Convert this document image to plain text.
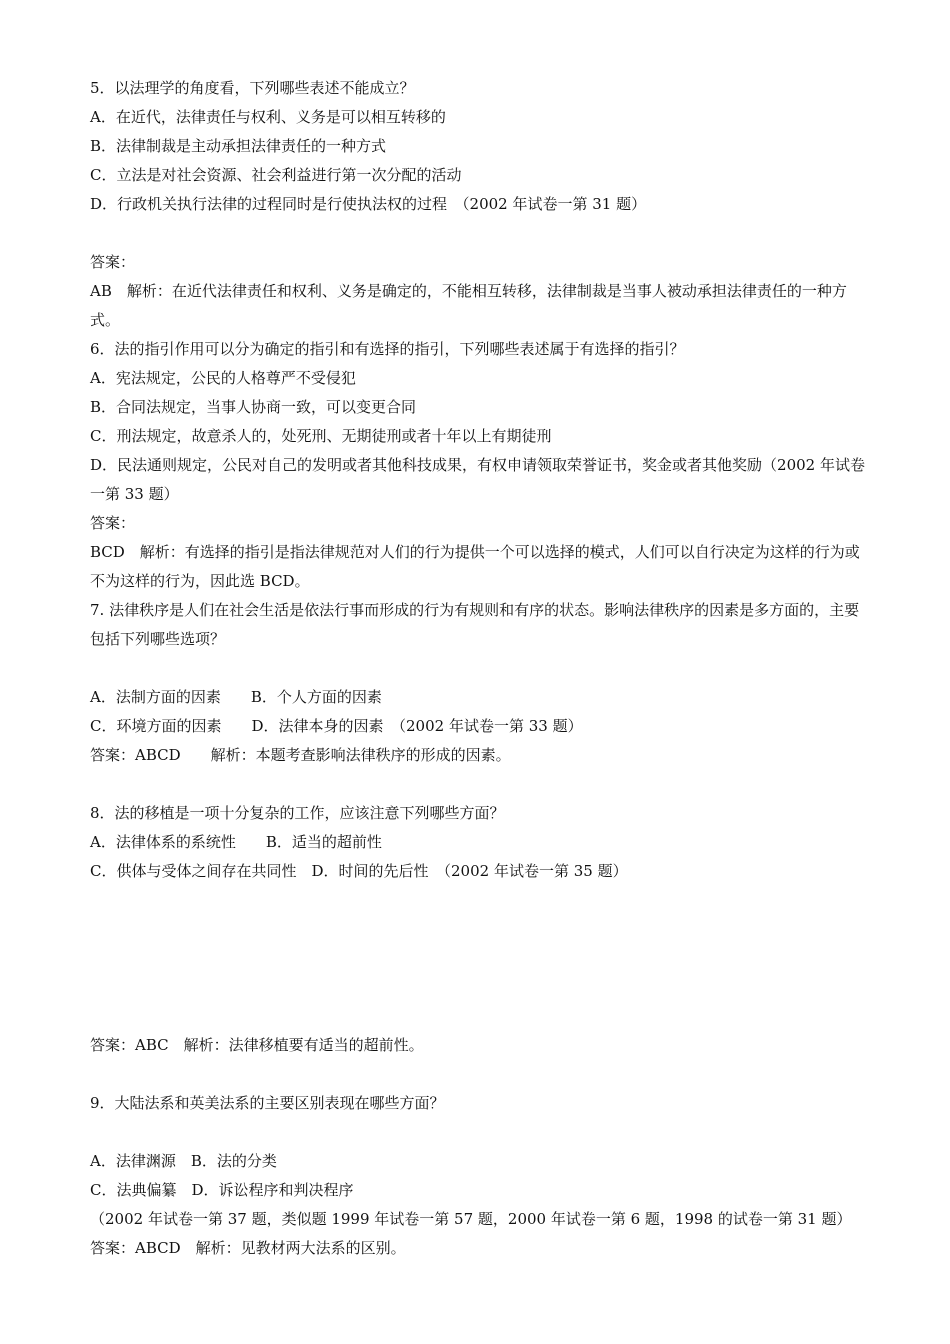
5．以法理学的角度看，下列哪些表述不能成立？
A．在近代，法律责任与权利、义务是可以相互转移的
B．法律制裁是主动承担法律责任的一种方式
C．立法是对社会资源、社会利益进行第一次分配的活动
D．行政机关执行法律的过程同时是行使执法权的过程　（2002 年试卷一第 31 题）
答案：
AB　解析：在近代法律责任和权利、义务是确定的，不能相互转移，法律制裁是当事人被动承担法律责任的一种方式。
6．法的指引作用可以分为确定的指引和有选择的指引，下列哪些表述属于有选择的指引？
A．宪法规定，公民的人格尊严不受侵犯
B．合同法规定，当事人协商一致，可以变更合同
C．刑法规定，故意杀人的，处死刑、无期徒刑或者十年以上有期徒刑
D．民法通则规定，公民对自己的发明或者其他科技成果，有权申请领取荣誉证书，奖金或者其他奖励（2002 年试卷一第 33 题）
答案：
BCD　解析：有选择的指引是指法律规范对人们的行为提供一个可以选择的模式，人们可以自行决定为这样的行为或不为这样的行为，因此选 BCD。
7. 法律秩序是人们在社会生活是依法行事而形成的行为有规则和有序的状态。影响法律秩序的因素是多方面的，主要包括下列哪些选项？
A．法制方面的因素　　B．个人方面的因素
C．环境方面的因素　　D．法律本身的因素　（2002 年试卷一第 33 题）
答案：ABCD　　解析：本题考查影响法律秩序的形成的因素。
8．法的移植是一项十分复杂的工作，应该注意下列哪些方面？
A．法律体系的系统性　　B．适当的超前性
C．供体与受体之间存在共同性　D．时间的先后性　（2002 年试卷一第 35 题）
答案：ABC　解析：法律移植要有适当的超前性。
9．大陆法系和英美法系的主要区别表现在哪些方面？
A．法律渊源　B．法的分类
C．法典偏纂　D．诉讼程序和判决程序
（2002 年试卷一第 37 题，类似题 1999 年试卷一第 57 题，2000 年试卷一第 6 题，1998 的试卷一第 31 题）
答案：ABCD　解析：见教材两大法系的区别。
